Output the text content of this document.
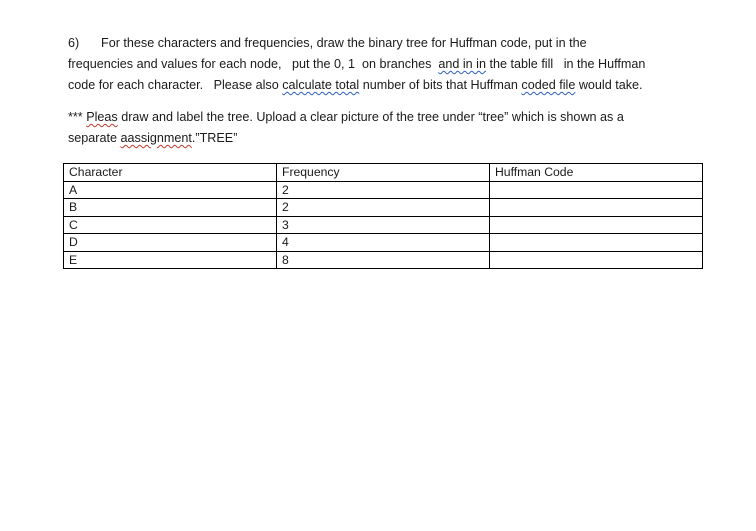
6) For these characters and frequencies, draw the binary tree for Huffman code, put in the

frequencies and values for each node,   put the 0, 1  on branches  and in in the table fill   in the Huffman

code for each character.   Please also calculate total number of bits that Huffman coded file would take.

*** Pleas draw and label the tree. Upload a clear picture of the tree under “tree” which is shown as a

separate aassignment.”TREE”

Character	Frequency	Huffman Code
A	2	
B	2	
C	3	
D	4	
E	8	
